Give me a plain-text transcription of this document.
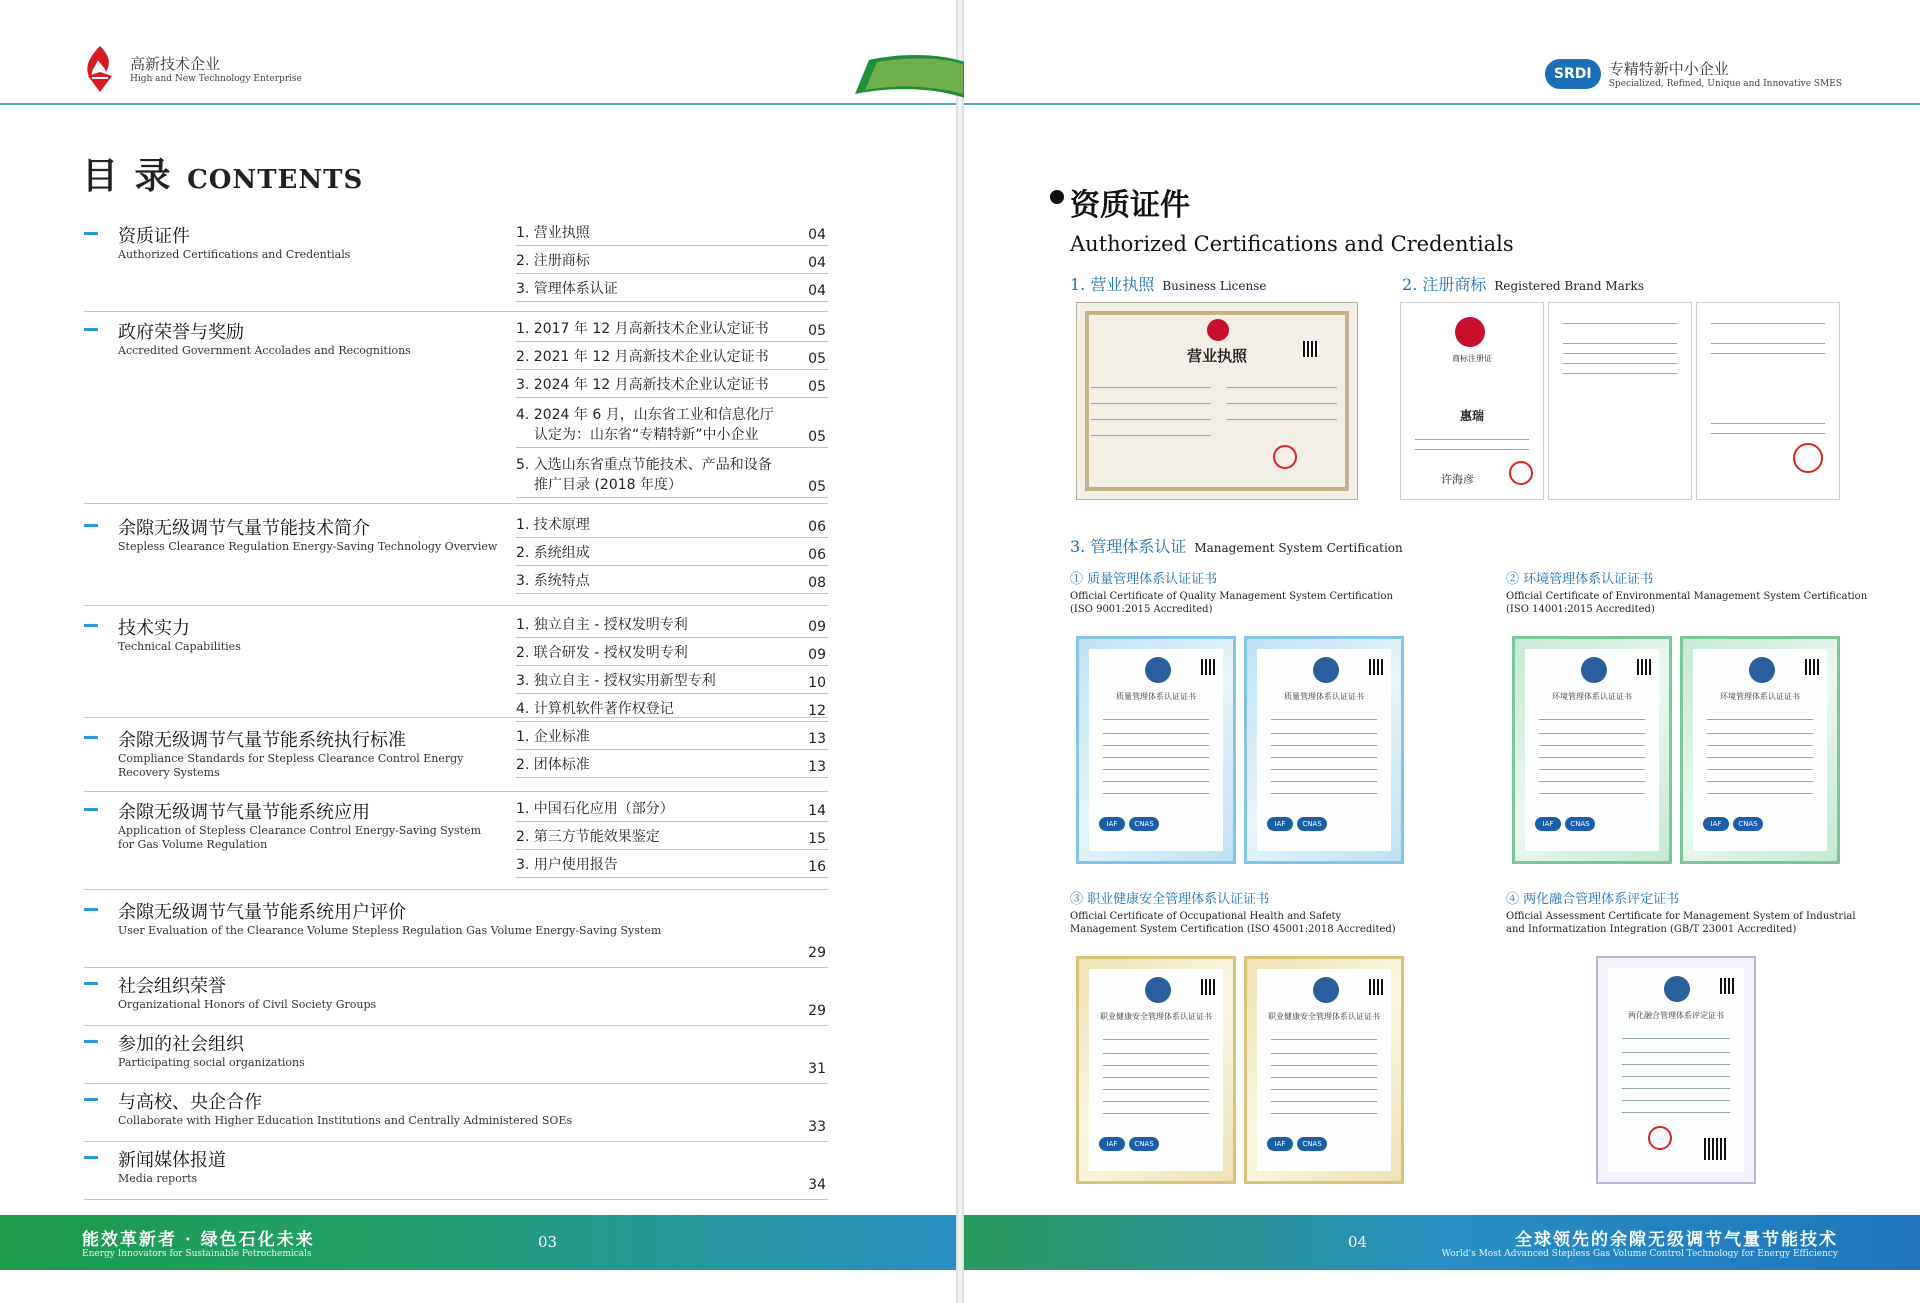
高新技术企业
High and New Technology Enterprise
目 录 CONTENTS
资质证件
Authorized Certifications and Credentials
1. 营业执照	04
2. 注册商标	04
3. 管理体系认证	04
政府荣誉与奖励
Accredited Government Accolades and Recognitions
1. 2017 年 12 月高新技术企业认定证书	05
2. 2021 年 12 月高新技术企业认定证书	05
3. 2024 年 12 月高新技术企业认定证书	05
4. 2024 年 6 月，山东省工业和信息化厅
认定为：山东省“专精特新”中小企业	05
5. 入选山东省重点节能技术、产品和设备
推广目录 (2018 年度）	05
余隙无级调节气量节能技术简介
Stepless Clearance Regulation Energy-Saving Technology Overview
1. 技术原理	06
2. 系统组成	06
3. 系统特点	08
技术实力
Technical Capabilities
1. 独立自主 - 授权发明专利	09
2. 联合研发 - 授权发明专利	09
3. 独立自主 - 授权实用新型专利	10
4. 计算机软件著作权登记	12
余隙无级调节气量节能系统执行标准
Compliance Standards for Stepless Clearance Control Energy
Recovery Systems
1. 企业标准	13
2. 团体标准	13
余隙无级调节气量节能系统应用
Application of Stepless Clearance Control Energy-Saving System
for Gas Volume Regulation
1. 中国石化应用（部分）	14
2. 第三方节能效果鉴定	15
3. 用户使用报告	16
余隙无级调节气量节能系统用户评价
User Evaluation of the Clearance Volume Stepless Regulation Gas Volume Energy-Saving System
29
社会组织荣誉
Organizational Honors of Civil Society Groups	29
参加的社会组织
Participating social organizations	31
与高校、央企合作
Collaborate with Higher Education Institutions and Centrally Administered SOEs	33
新闻媒体报道
Media reports	34
能效革新者 · 绿色石化未来
Energy Innovators for Sustainable Petrochemicals
03
SRDI	专精特新中小企业
Specialized, Refined, Unique and Innovative SMES
资质证件
Authorized Certifications and Credentials
1. 营业执照 Business License
营业执照
2. 注册商标 Registered Brand Marks
商标注册证
惠瑞
许海彦
3. 管理体系认证 Management System Certification
① 质量管理体系认证证书
Official Certificate of Quality Management System Certification
(ISO 9001:2015 Accredited)
质量管理体系认证证书
IAF	CNAS
质量管理体系认证证书
IAF	CNAS
② 环境管理体系认证证书
Official Certificate of Environmental Management System Certification
(ISO 14001:2015 Accredited)
环境管理体系认证证书
IAF	CNAS
环境管理体系认证证书
IAF	CNAS
③ 职业健康安全管理体系认证证书
Official Certificate of Occupational Health and Safety
Management System Certification (ISO 45001:2018 Accredited)
职业健康安全管理体系认证证书
IAF	CNAS
职业健康安全管理体系认证证书
IAF	CNAS
④ 两化融合管理体系评定证书
Official Assessment Certificate for Management System of Industrial
and Informatization Integration (GB/T 23001 Accredited)
两化融合管理体系评定证书
04	全球领先的余隙无级调节气量节能技术
World's Most Advanced Stepless Gas Volume Control Technology for Energy Efficiency
